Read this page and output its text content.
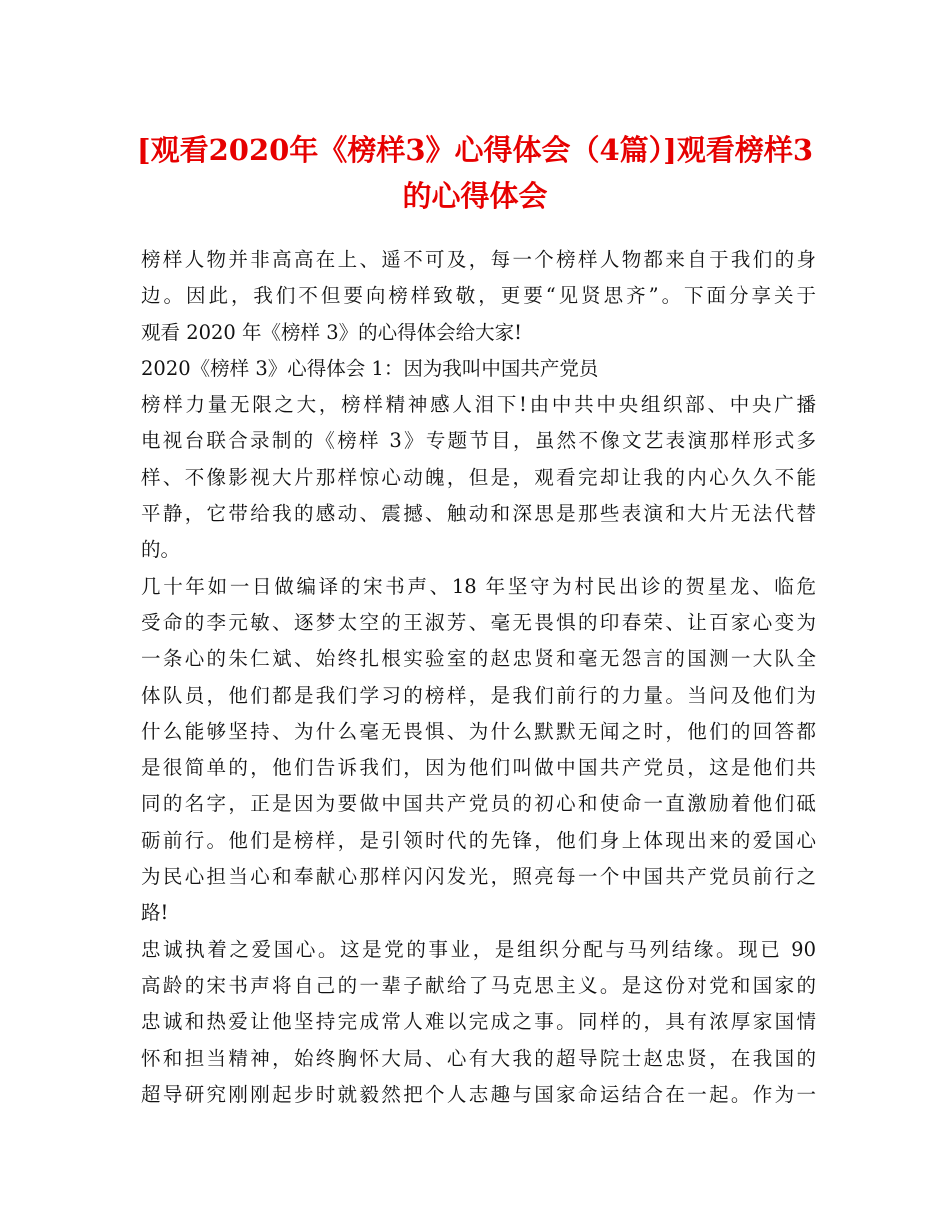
[观看2020年《榜样3》心得体会（4篇）]观看榜样3
的心得体会
榜样人物并非高高在上、遥不可及，每一个榜样人物都来自于我们的身
边。因此，我们不但要向榜样致敬，更要“见贤思齐”。下面分享关于
观看 2020 年《榜样 3》的心得体会给大家!
2020《榜样 3》心得体会 1：因为我叫中国共产党员
榜样力量无限之大，榜样精神感人泪下!由中共中央组织部、中央广播
电视台联合录制的《榜样 3》专题节目，虽然不像文艺表演那样形式多
样、不像影视大片那样惊心动魄，但是，观看完却让我的内心久久不能
平静，它带给我的感动、震撼、触动和深思是那些表演和大片无法代替
的。
几十年如一日做编译的宋书声、18 年坚守为村民出诊的贺星龙、临危
受命的李元敏、逐梦太空的王淑芳、毫无畏惧的印春荣、让百家心变为
一条心的朱仁斌、始终扎根实验室的赵忠贤和毫无怨言的国测一大队全
体队员，他们都是我们学习的榜样，是我们前行的力量。当问及他们为
什么能够坚持、为什么毫无畏惧、为什么默默无闻之时，他们的回答都
是很简单的，他们告诉我们，因为他们叫做中国共产党员，这是他们共
同的名字，正是因为要做中国共产党员的初心和使命一直激励着他们砥
砺前行。他们是榜样，是引领时代的先锋，他们身上体现出来的爱国心
为民心担当心和奉献心那样闪闪发光，照亮每一个中国共产党员前行之
路!
忠诚执着之爱国心。这是党的事业，是组织分配与马列结缘。现已 90
高龄的宋书声将自己的一辈子献给了马克思主义。是这份对党和国家的
忠诚和热爱让他坚持完成常人难以完成之事。同样的，具有浓厚家国情
怀和担当精神，始终胸怀大局、心有大我的超导院士赵忠贤，在我国的
超导研究刚刚起步时就毅然把个人志趣与国家命运结合在一起。作为一
